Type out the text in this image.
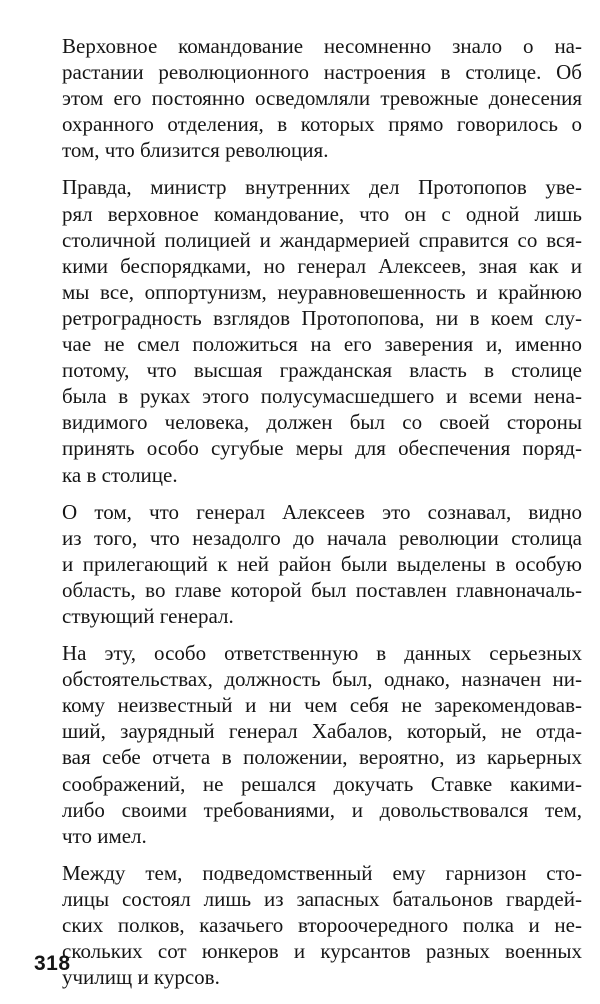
Верховное командование несомненно знало о на-
растании революционного настроения в столице. Об
этом его постоянно осведомляли тревожные донесения
охранного отделения, в которых прямо говорилось о
том, что близится революция.

Правда, министр внутренних дел Протопопов уве-
рял верховное командование, что он с одной лишь
столичной полицией и жандармерией справится со вся-
кими беспорядками, но генерал Алексеев, зная как и
мы все, оппортунизм, неуравновешенность и крайнюю
ретроградность взглядов Протопопова, ни в коем слу-
чае не смел положиться на его заверения и, именно
потому, что высшая гражданская власть в столице
была в руках этого полусумасшедшего и всеми нена-
видимого человека, должен был со своей стороны
принять особо сугубые меры для обеспечения поряд-
ка в столице.

О том, что генерал Алексеев это сознавал, видно
из того, что незадолго до начала революции столица
и прилегающий к ней район были выделены в особую
область, во главе которой был поставлен главноначаль-
ствующий генерал.

На эту, особо ответственную в данных серьезных
обстоятельствах, должность был, однако, назначен ни-
кому неизвестный и ни чем себя не зарекомендовав-
ший, заурядный генерал Хабалов, который, не отда-
вая себе отчета в положении, вероятно, из карьерных
соображений, не решался докучать Ставке какими-
либо своими требованиями, и довольствовался тем,
что имел.

Между тем, подведомственный ему гарнизон сто-
лицы состоял лишь из запасных батальонов гвардей-
ских полков, казачьего второочередного полка и не-
скольких сот юнкеров и курсантов разных военных
училищ и курсов.

318
